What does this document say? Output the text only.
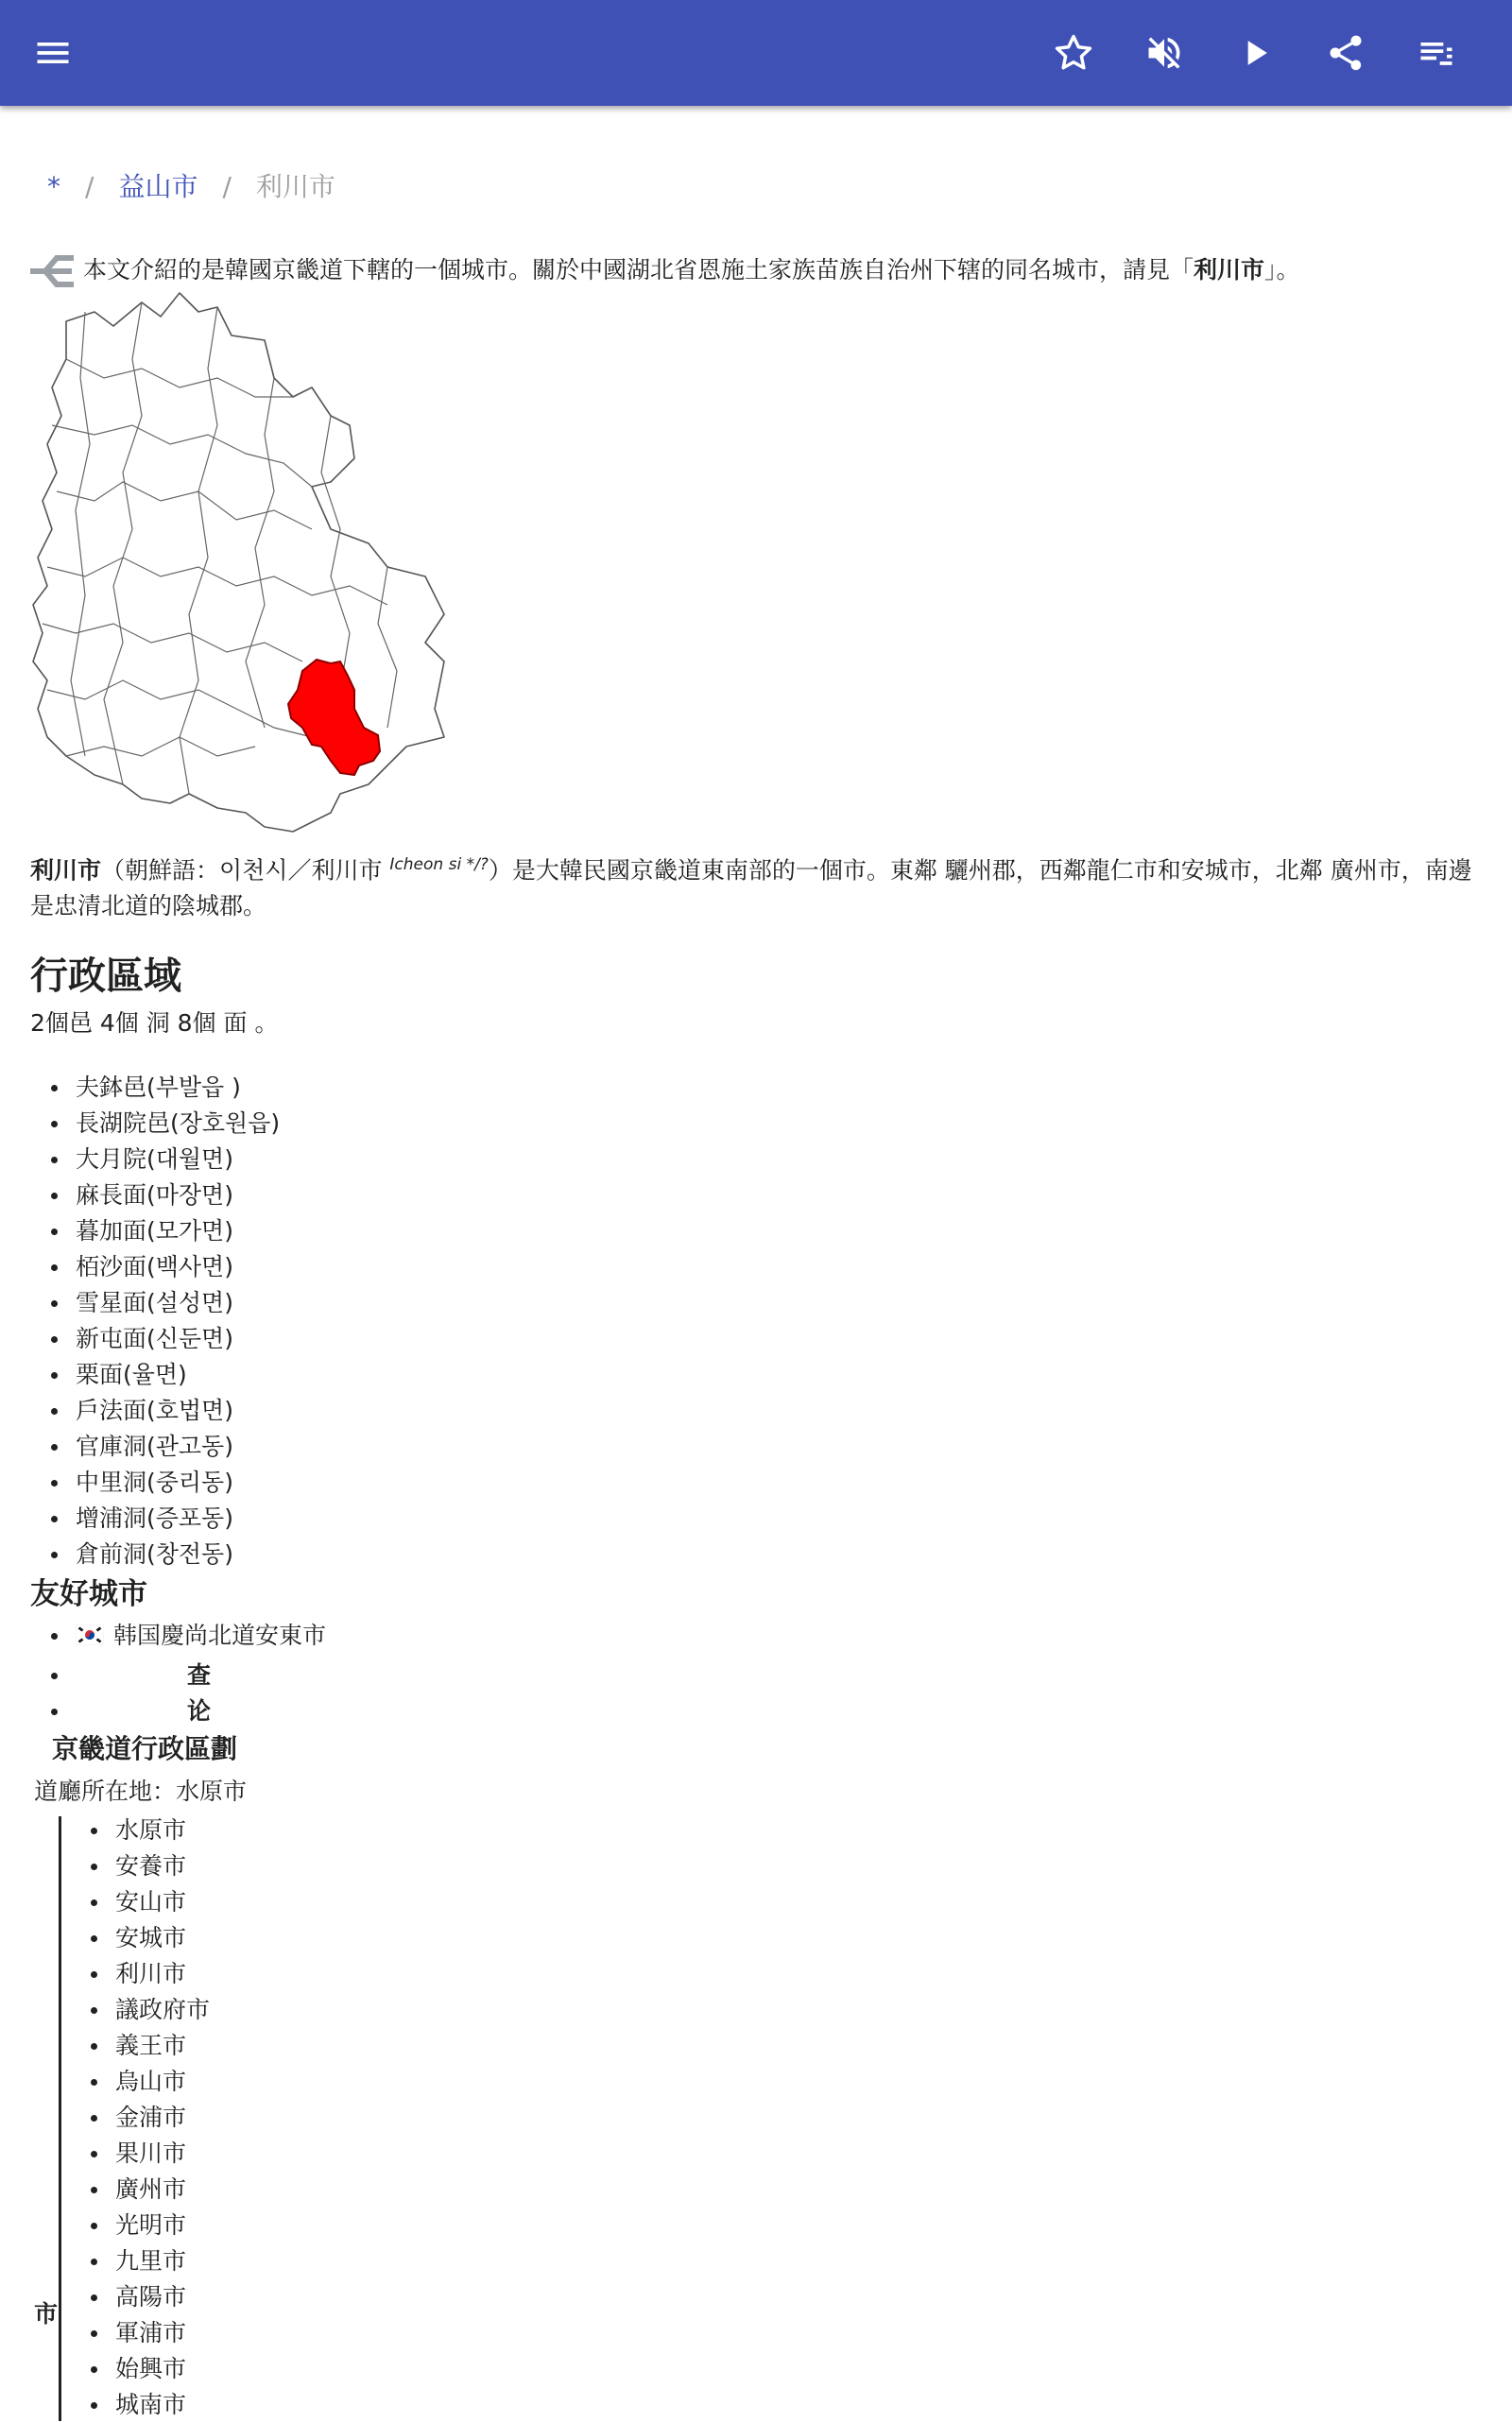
* / 益山市 / 利川市
本文介紹的是韓國京畿道下轄的一個城市。關於中國湖北省恩施土家族苗族自治州下辖的同名城市，請見「利川市」。
利川市（朝鮮語：이천시／利川市 $^{Icheon si */?}$）是大韓民國京畿道東南部的一個市。東鄰 驪州郡，西鄰龍仁市和安城市，北鄰 廣州市，南邊是忠清北道的陰城郡。
行政區域
2個邑 4個 洞 8個 面 。
夫鉢邑(부발읍 )
長湖院邑(장호원읍)
大月院(대월면)
麻長面(마장면)
暮加面(모가면)
栢沙面(백사면)
雪星面(설성면)
新屯面(신둔면)
栗面(율면)
戶法面(호법면)
官庫洞(관고동)
中里洞(중리동)
增浦洞(증포동)
倉前洞(창전동)
友好城市
韩国慶尚北道安東市
查
论
京畿道行政區劃
道廳所在地：水原市
市
水原市
安養市
安山市
安城市
利川市
議政府市
義王市
烏山市
金浦市
果川市
廣州市
光明市
九里市
高陽市
軍浦市
始興市
城南市
